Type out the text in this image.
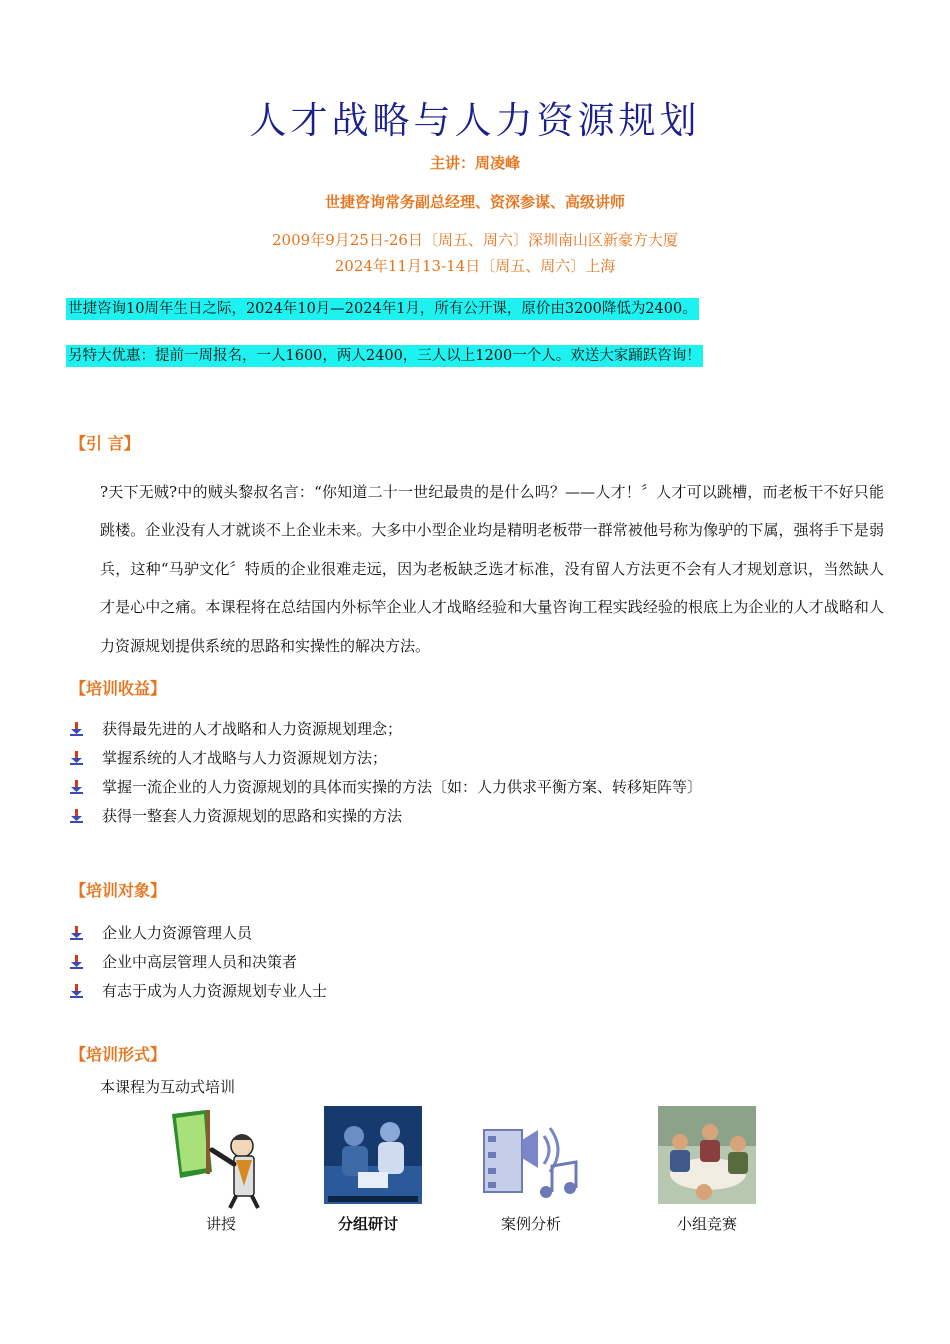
人才战略与人力资源规划
主讲：周凌峰
世捷咨询常务副总经理、资深参谋、高级讲师
2009年9月25日-26日〔周五、周六〕深圳南山区新豪方大厦
2024年11月13-14日〔周五、周六〕上海
世捷咨询10周年生日之际，2024年10月—2024年1月，所有公开课，原价由3200降低为2400。
另特大优惠：提前一周报名，一人1600，两人2400，三人以上1200一个人。欢送大家踊跃咨询！
【引 言】

?天下无贼?中的贼头黎叔名言：“你知道二十一世纪最贵的是什么吗？——人才！〞人才可以跳槽，而老板干不好只能跳楼。企业没有人才就谈不上企业未来。大多中小型企业均是精明老板带一群常被他号称为像驴的下属，强将手下是弱兵，这种“马驴文化〞特质的企业很难走远，因为老板缺乏选才标准，没有留人方法更不会有人才规划意识，当然缺人才是心中之痛。本课程将在总结国内外标竿企业人才战略经验和大量咨询工程实践经验的根底上为企业的人才战略和人力资源规划提供系统的思路和实操性的解决方法。

【培训收益】
获得最先进的人才战略和人力资源规划理念；
掌握系统的人才战略与人力资源规划方法；
掌握一流企业的人力资源规划的具体而实操的方法〔如：人力供求平衡方案、转移矩阵等〕
获得一整套人力资源规划的思路和实操的方法
【培训对象】
企业人力资源管理人员
企业中高层管理人员和决策者
有志于成为人力资源规划专业人士
【培训形式】
本课程为互动式培训
讲授	分组研讨	案例分析	小组竞赛
